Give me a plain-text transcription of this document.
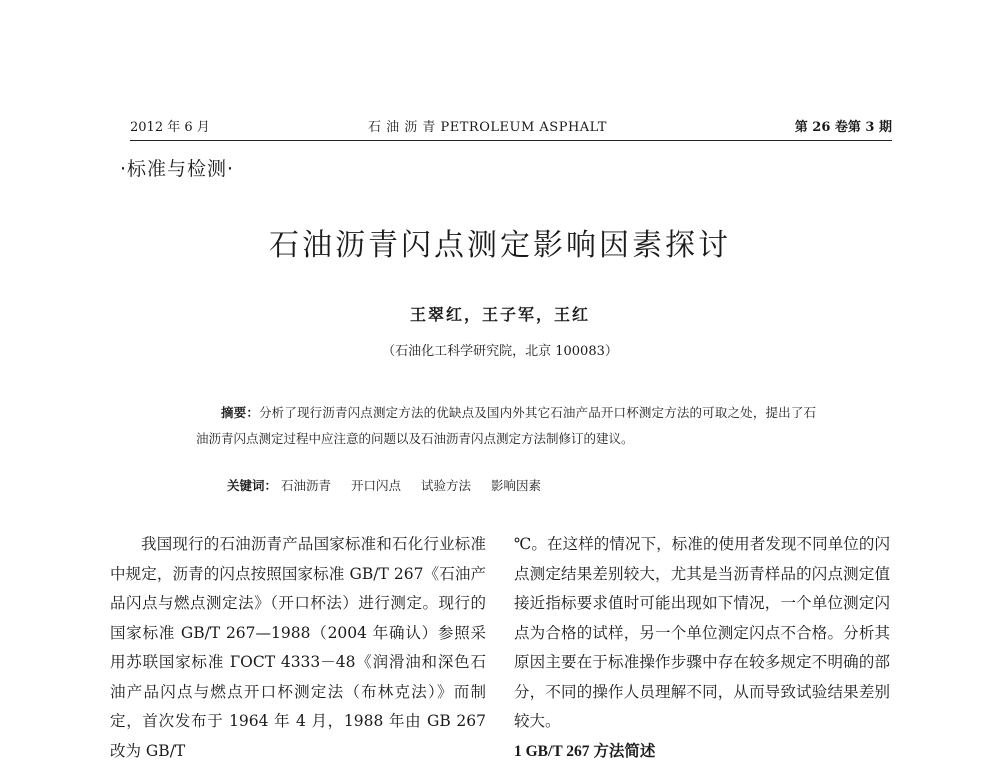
2012 年 6 月	石 油 沥 青 PETROLEUM ASPHALT	第 26 卷第 3 期
·标准与检测·
石油沥青闪点测定影响因素探讨
王翠红，王子军，王红
（石油化工科学研究院，北京 100083）

摘要：分析了现行沥青闪点测定方法的优缺点及国内外其它石油产品开口杯测定方法的可取之处，提出了石油沥青闪点测定过程中应注意的问题以及石油沥青闪点测定方法制修订的建议。

关键词： 石油沥青 开口闪点 试验方法 影响因素

我国现行的石油沥青产品国家标准和石化行业标准中规定，沥青的闪点按照国家标准 GB/T 267《石油产品闪点与燃点测定法》（开口杯法）进行测定。现行的国家标准 GB/T 267—1988（2004 年确认）参照采用苏联国家标准 ГОСТ 4333－48《润滑油和深色石油产品闪点与燃点开口杯测定法（布林克法）》而制定，首次发布于 1964 年 4 月，1988 年由 GB 267 改为 GB/T

℃。在这样的情况下，标准的使用者发现不同单位的闪点测定结果差别较大，尤其是当沥青样品的闪点测定值接近指标要求值时可能出现如下情况，一个单位测定闪点为合格的试样，另一个单位测定闪点不合格。分析其原因主要在于标准操作步骤中存在较多规定不明确的部分，不同的操作人员理解不同，从而导致试验结果差别较大。

1 GB/T 267 方法简述
